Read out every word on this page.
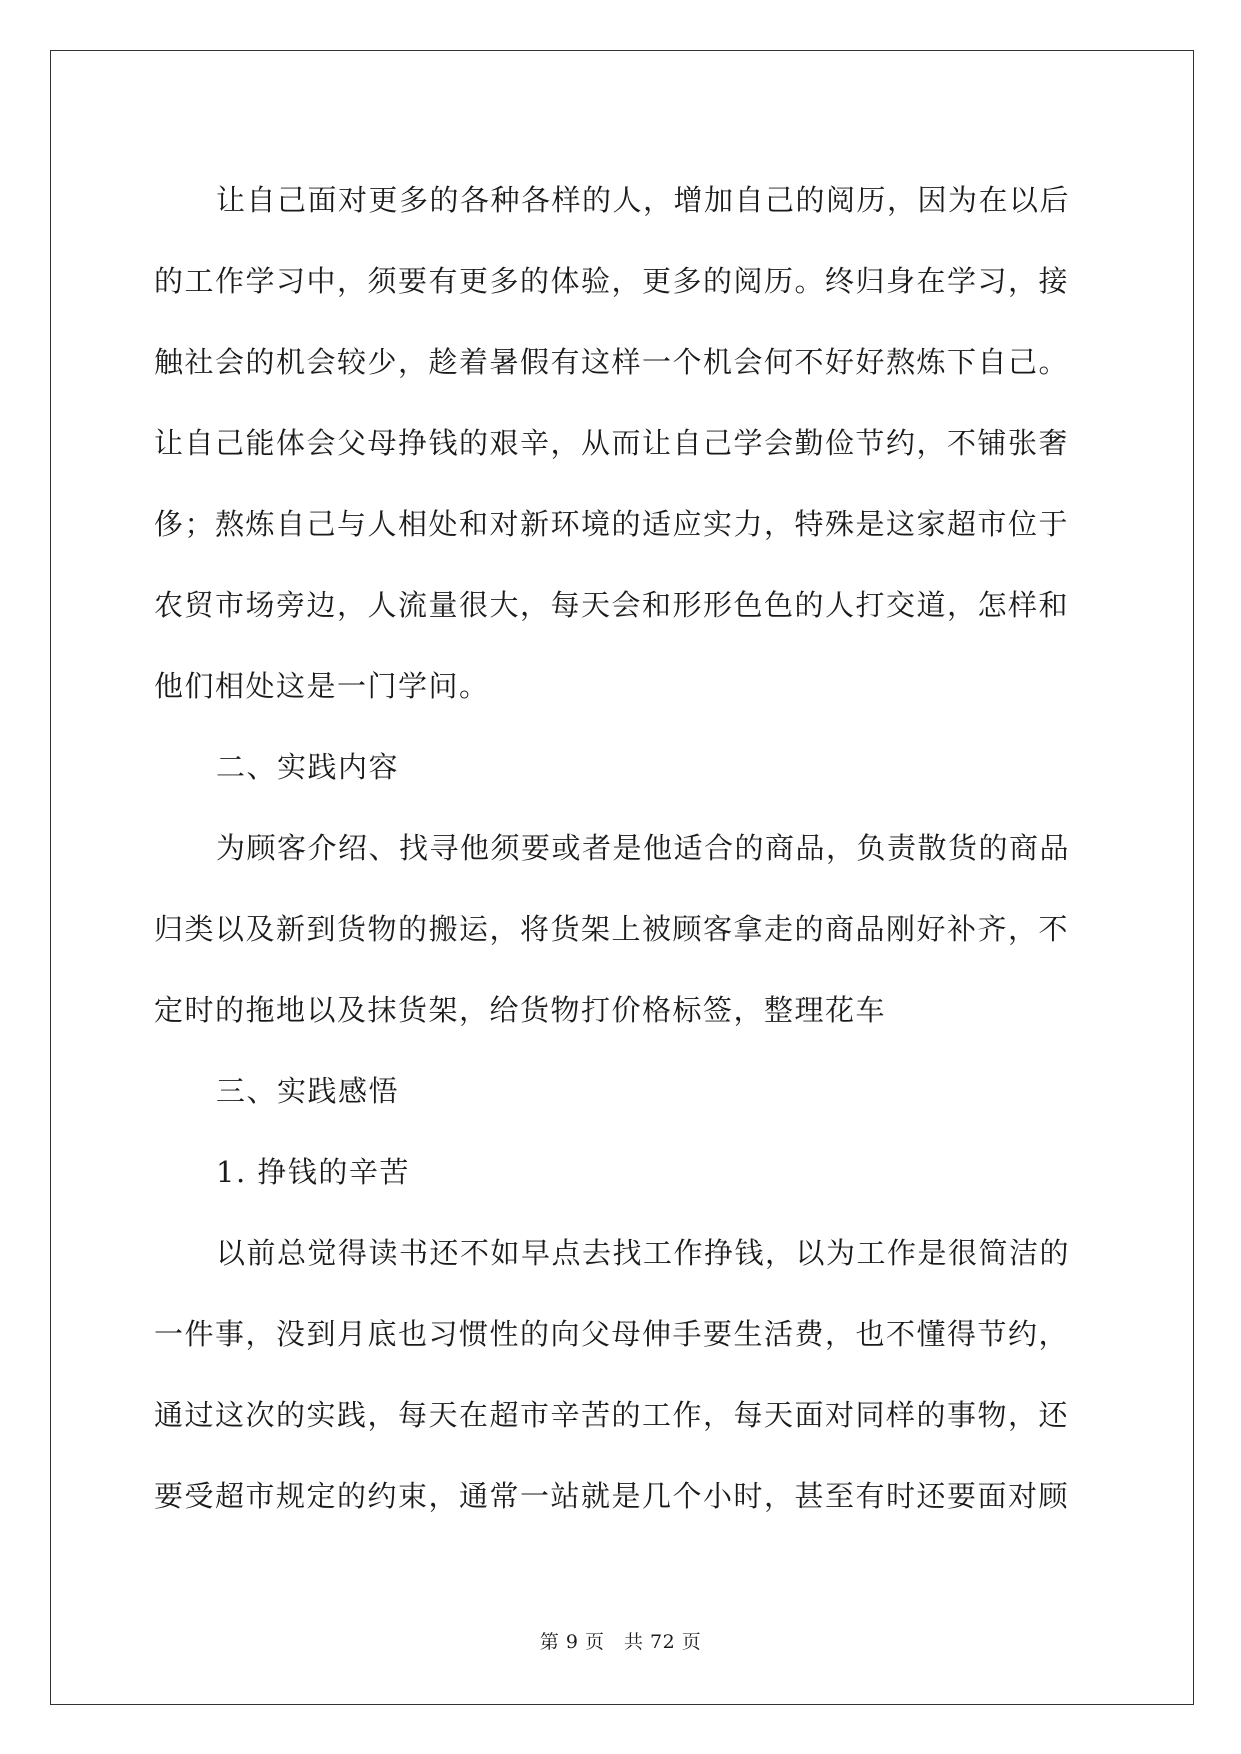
让自己面对更多的各种各样的人，增加自己的阅历，因为在以后
的工作学习中，须要有更多的体验，更多的阅历。终归身在学习，接
触社会的机会较少，趁着暑假有这样一个机会何不好好熬炼下自己。
让自己能体会父母挣钱的艰辛，从而让自己学会勤俭节约，不铺张奢
侈；熬炼自己与人相处和对新环境的适应实力，特殊是这家超市位于
农贸市场旁边，人流量很大，每天会和形形色色的人打交道，怎样和
他们相处这是一门学问。
二、实践内容
为顾客介绍、找寻他须要或者是他适合的商品，负责散货的商品
归类以及新到货物的搬运，将货架上被顾客拿走的商品刚好补齐，不
定时的拖地以及抹货架，给货物打价格标签，整理花车
三、实践感悟
1. 挣钱的辛苦
以前总觉得读书还不如早点去找工作挣钱，以为工作是很简洁的
一件事，没到月底也习惯性的向父母伸手要生活费，也不懂得节约，
通过这次的实践，每天在超市辛苦的工作，每天面对同样的事物，还
要受超市规定的约束，通常一站就是几个小时，甚至有时还要面对顾

第 9 页　共 72 页
